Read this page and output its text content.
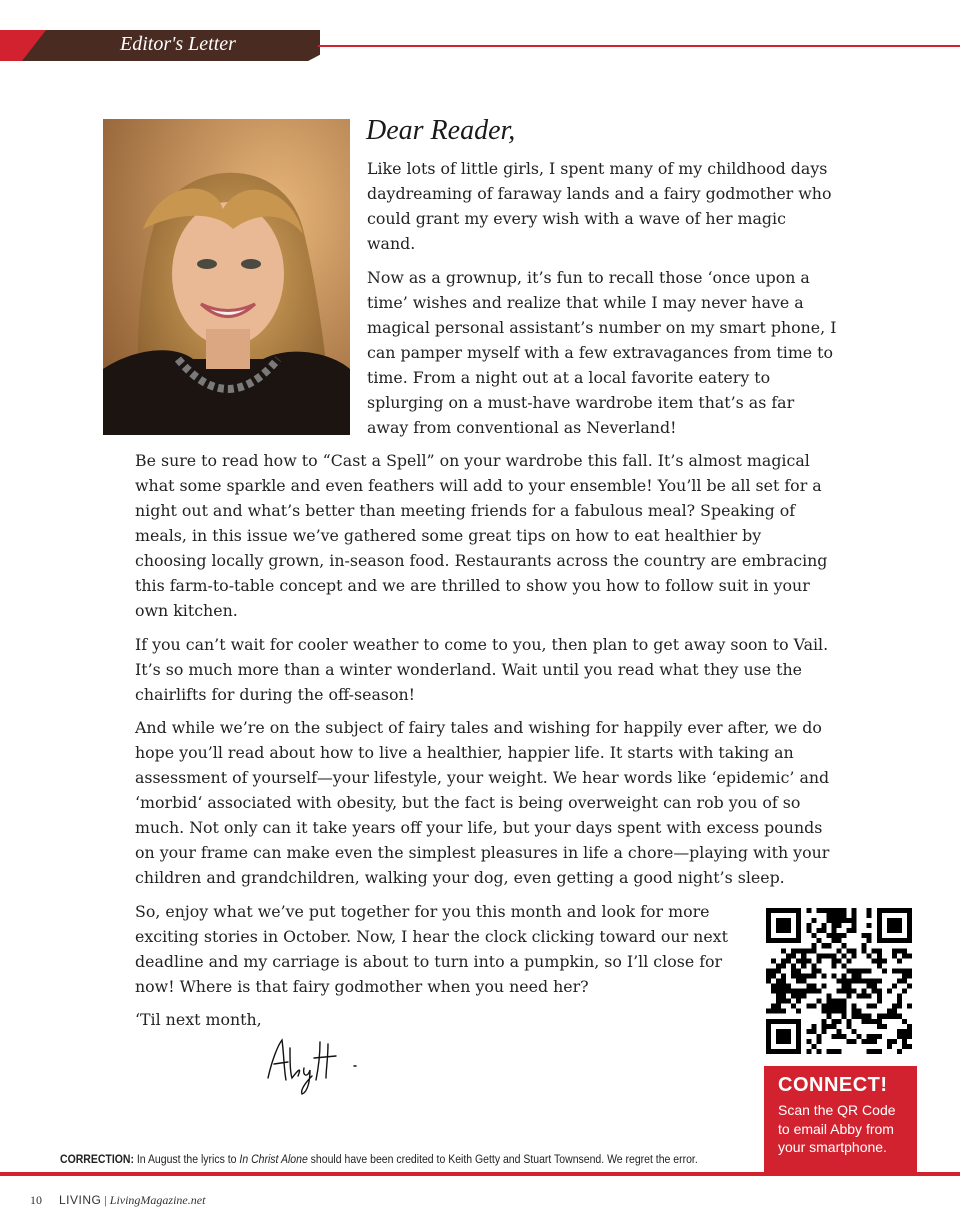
Editor's Letter
Dear Reader,

Like lots of little girls, I spent many of my childhood days daydreaming of faraway lands and a fairy godmother who could grant my every wish with a wave of her magic wand.

Now as a grownup, it’s fun to recall those ‘once upon a time’ wishes and realize that while I may never have a magical personal assistant’s number on my smart phone, I can pamper myself with a few extravagances from time to time. From a night out at a local favorite eatery to splurging on a must-have wardrobe item that’s as far away from conventional as Neverland!

Be sure to read how to “Cast a Spell” on your wardrobe this fall. It’s almost magical what some sparkle and even feathers will add to your ensemble! You’ll be all set for a night out and what’s better than meeting friends for a fabulous meal? Speaking of meals, in this issue we’ve gathered some great tips on how to eat healthier by choosing locally grown, in-season food. Restaurants across the country are embracing this farm-to-table concept and we are thrilled to show you how to follow suit in your own kitchen.

If you can’t wait for cooler weather to come to you, then plan to get away soon to Vail. It’s so much more than a winter wonderland. Wait until you read what they use the chairlifts for during the off-season!

And while we’re on the subject of fairy tales and wishing for happily ever after, we do hope you’ll read about how to live a healthier, happier life. It starts with taking an assessment of yourself—your lifestyle, your weight. We hear words like ‘epidemic’ and ‘morbid‘ associated with obesity, but the fact is being overweight can rob you of so much. Not only can it take years off your life, but your days spent with excess pounds on your frame can make even the simplest pleasures in life a chore—playing with your children and grandchildren, walking your dog, even getting a good night’s sleep.

So, enjoy what we’ve put together for you this month and look for more exciting stories in October. Now, I hear the clock clicking toward our next deadline and my carriage is about to turn into a pumpkin, so I’ll close for now! Where is that fairy godmother when you need her?

‘Til next month,

CONNECT!
Scan the QR Code to email Abby from your smartphone.
CORRECTION: In August the lyrics to In Christ Alone should have been credited to Keith Getty and Stuart Townsend. We regret the error.
10 LIVING | LivingMagazine.net
